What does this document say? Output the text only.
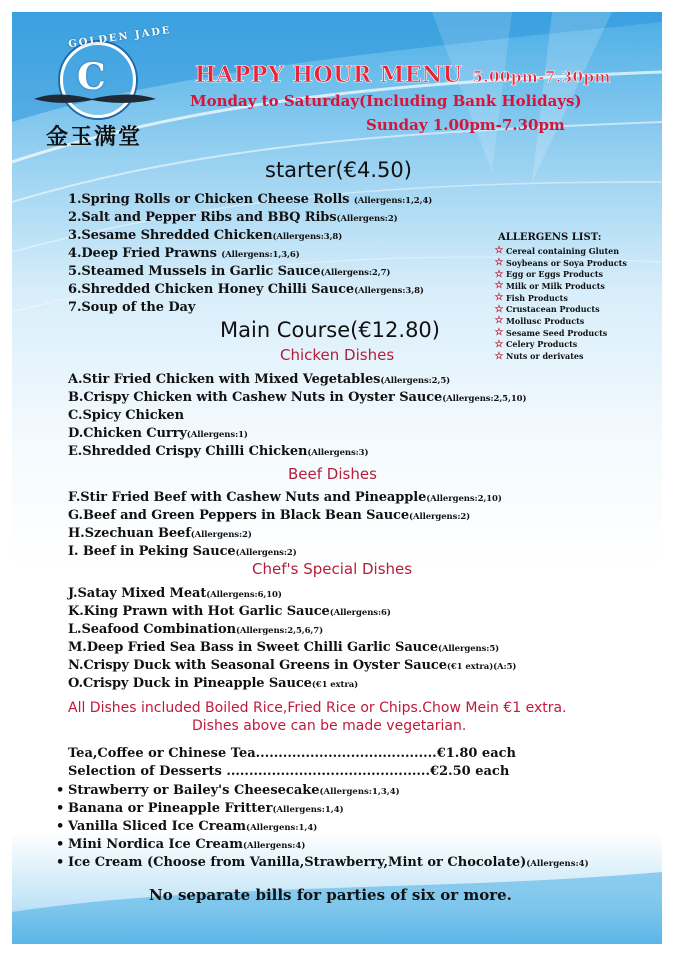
C
GOLDEN JADE
金玉满堂
HAPPY HOUR MENU 5.00pm-7.30pm
Monday to Saturday(Including Bank Holidays)
Sunday 1.00pm-7.30pm
starter(€4.50)
1.Spring Rolls or Chicken Cheese Rolls (Allergens:1,2,4)
2.Salt and Pepper Ribs and BBQ Ribs(Allergens:2)
3.Sesame Shredded Chicken(Allergens:3,8)
4.Deep Fried Prawns (Allergens:1,3,6)
5.Steamed Mussels in Garlic Sauce(Allergens:2,7)
6.Shredded Chicken Honey Chilli Sauce(Allergens:3,8)
7.Soup of the Day
ALLERGENS LIST:
☆ Cereal containing Gluten
☆ Soybeans or Soya Products
☆ Egg or Eggs Products
☆ Milk or Milk Products
☆ Fish Products
☆ Crustacean Products
☆ Mollusc Products
☆ Sesame Seed Products
☆ Celery Products
☆ Nuts or derivates
Main Course(€12.80)
Chicken Dishes
A.Stir Fried Chicken with Mixed Vegetables(Allergens:2,5)
B.Crispy Chicken with Cashew Nuts in Oyster Sauce(Allergens:2,5,10)
C.Spicy Chicken
D.Chicken Curry(Allergens:1)
E.Shredded Crispy Chilli Chicken(Allergens:3)
Beef Dishes
F.Stir Fried Beef with Cashew Nuts and Pineapple(Allergens:2,10)
G.Beef and Green Peppers in Black Bean Sauce(Allergens:2)
H.Szechuan Beef(Allergens:2)
I. Beef in Peking Sauce(Allergens:2)
Chef's Special Dishes
J.Satay Mixed Meat(Allergens:6,10)
K.King Prawn with Hot Garlic Sauce(Allergens:6)
L.Seafood Combination(Allergens:2,5,6,7)
M.Deep Fried Sea Bass in Sweet Chilli Garlic Sauce(Allergens:5)
N.Crispy Duck with Seasonal Greens in Oyster Sauce(€1 extra)(A:5)
O.Crispy Duck in Pineapple Sauce(€1 extra)
All Dishes included Boiled Rice,Fried Rice or Chips.Chow Mein €1 extra.
Dishes above can be made vegetarian.
Tea,Coffee or Chinese Tea........................................€1.80 each
Selection of Desserts .............................................€2.50 each
• Strawberry or Bailey's Cheesecake(Allergens:1,3,4)
• Banana or Pineapple Fritter(Allergens:1,4)
• Vanilla Sliced Ice Cream(Allergens:1,4)
• Mini Nordica Ice Cream(Allergens:4)
• Ice Cream (Choose from Vanilla,Strawberry,Mint or Chocolate)(Allergens:4)
No separate bills for parties of six or more.
